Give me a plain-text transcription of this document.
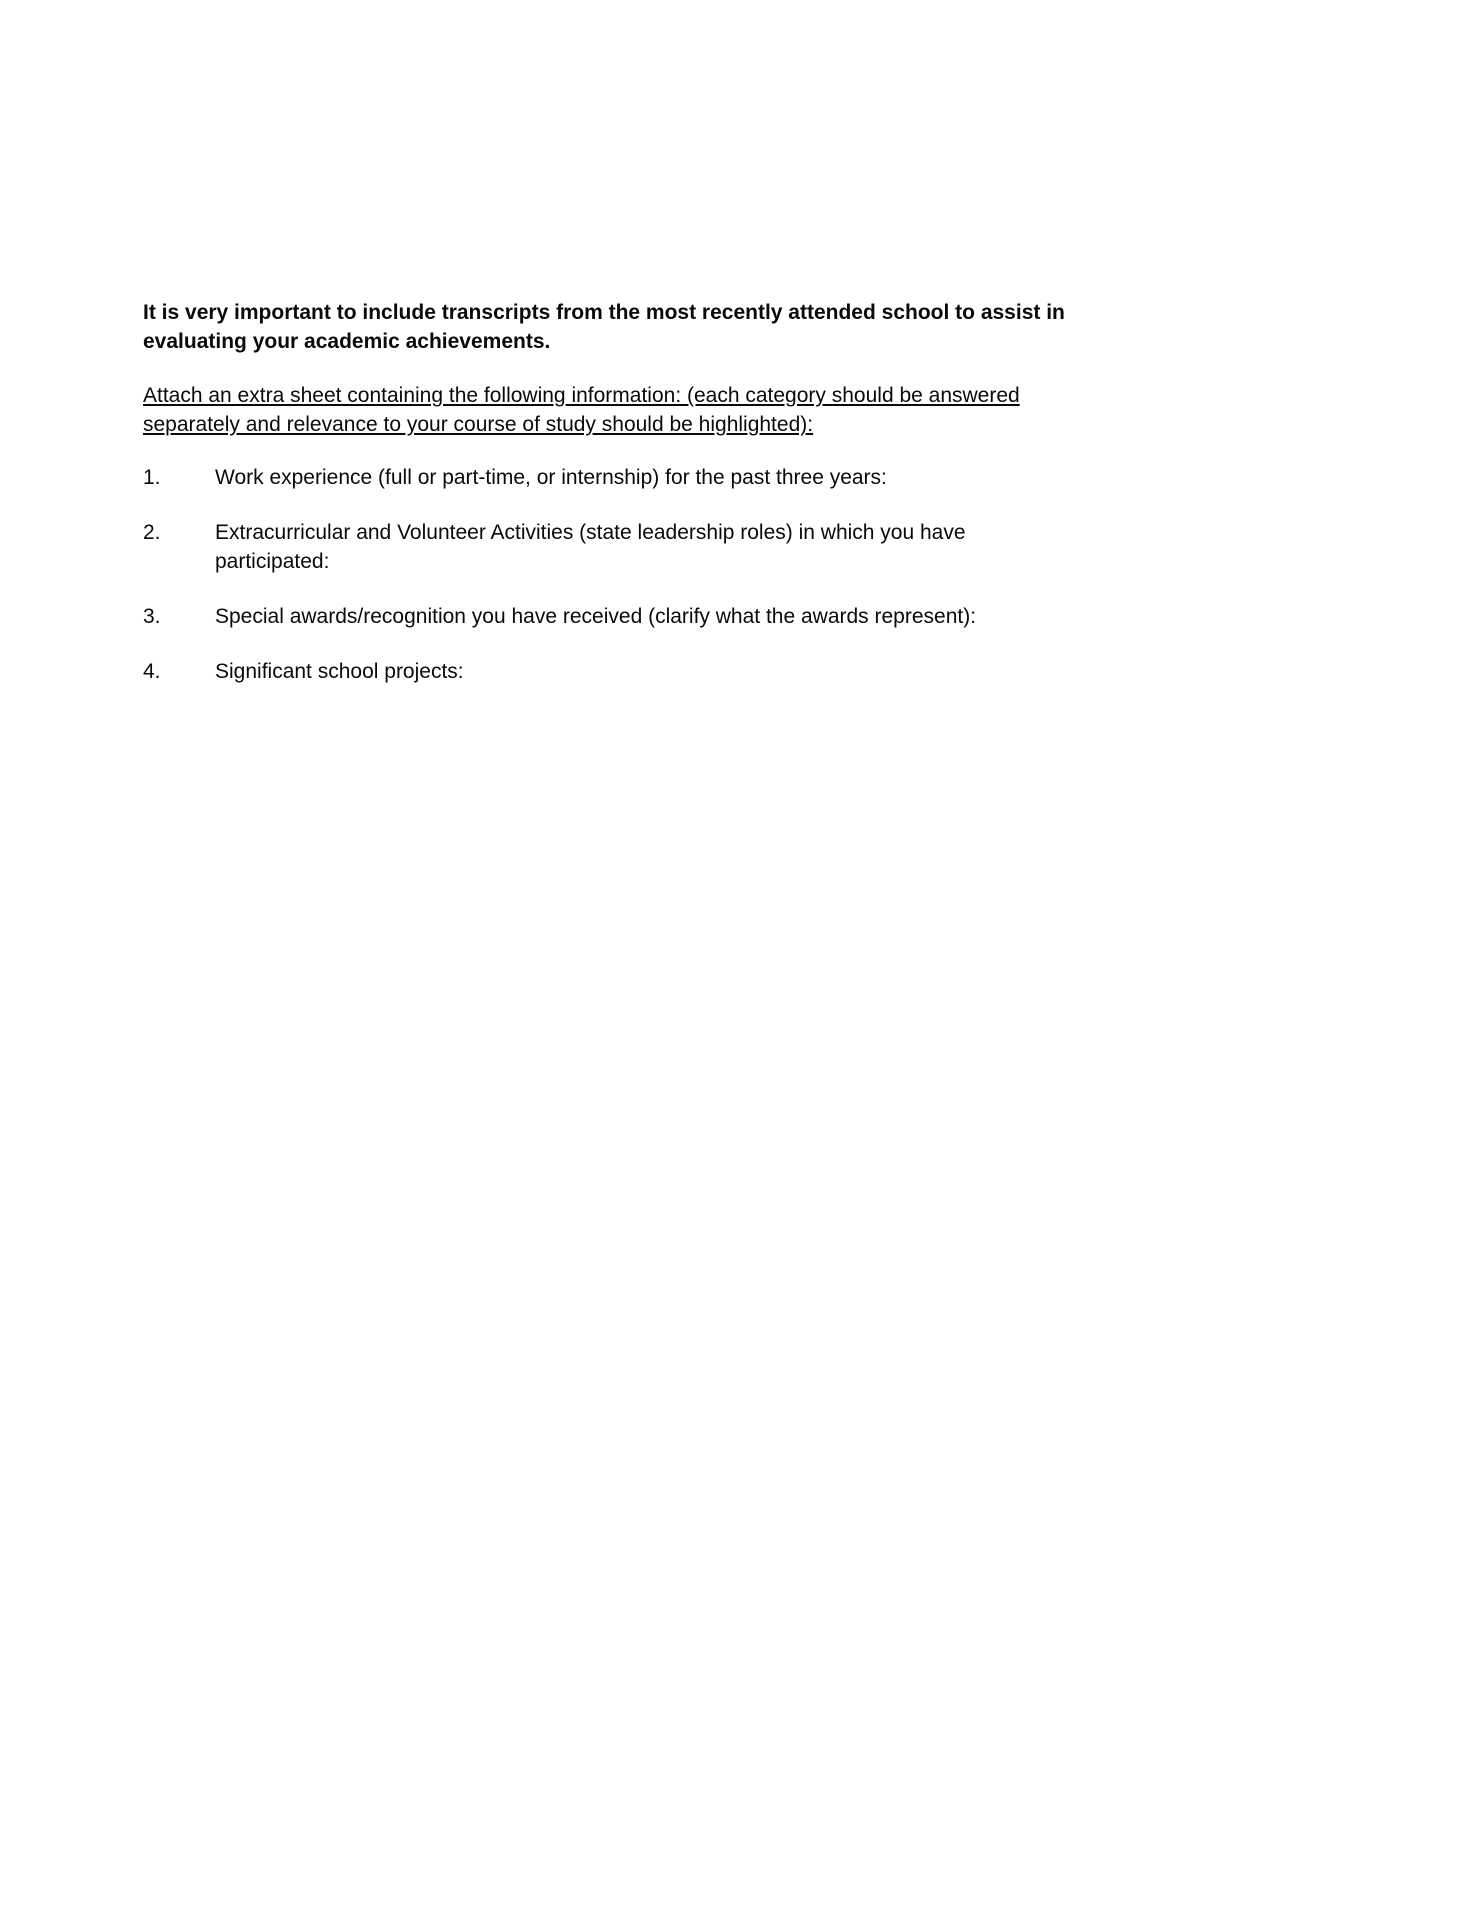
It is very important to include transcripts from the most recently attended school to assist in evaluating your academic achievements.

Attach an extra sheet containing the following information: (each category should be answered separately and relevance to your course of study should be highlighted):

1.	Work experience (full or part-time, or internship) for the past three years:
2.	Extracurricular and Volunteer Activities (state leadership roles) in which you have participated:
3.	Special awards/recognition you have received (clarify what the awards represent):
4.	Significant school projects:
